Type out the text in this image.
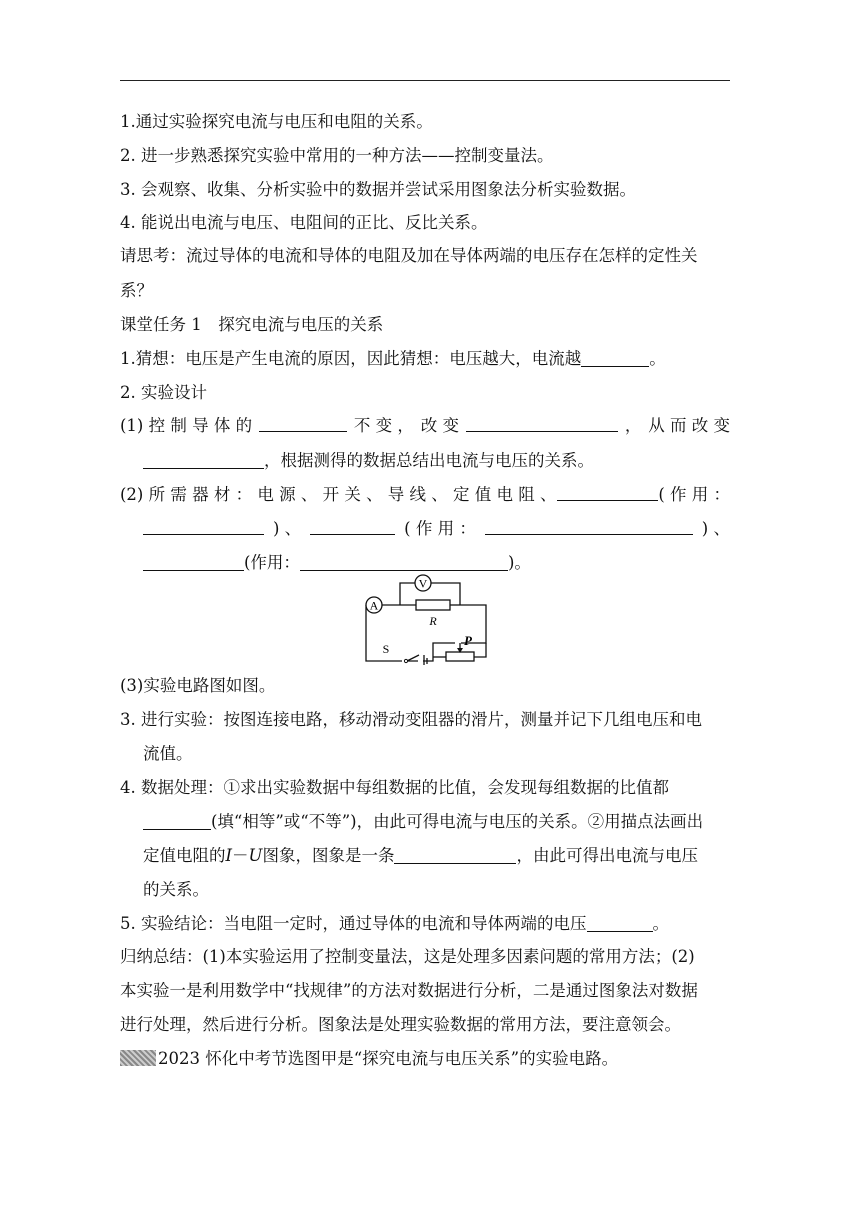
1.通过实验探究电流与电压和电阻的关系。
2. 进一步熟悉探究实验中常用的一种方法——控制变量法。
3. 会观察、收集、分析实验中的数据并尝试采用图象法分析实验数据。
4. 能说出电流与电压、电阻间的正比、反比关系。
请思考：流过导体的电流和导体的电阻及加在导体两端的电压存在怎样的定性关
系？
课堂任务 1　探究电流与电压的关系
1.猜想：电压是产生电流的原因，因此猜想：电压越大，电流越	。
2. 实验设计
(1) 控 制 导 体 的	不 变 ， 改 变	， 从 而 改 变
，根据测得的数据总结出电流与电压的关系。
(2) 所 需 器 材 ： 电 源 、 开 关 、 导 线 、 定 值 电 阻 、	( 作 用 ：
) 、	( 作 用 ：	) 、
(作用：	)。
A
V
R
S
P
(3)实验电路图如图。
3. 进行实验：按图连接电路，移动滑动变阻器的滑片，测量并记下几组电压和电
流值。
4. 数据处理：①求出实验数据中每组数据的比值，会发现每组数据的比值都
(填“相等”或“不等”)，由此可得电流与电压的关系。②用描点法画出
定值电阻的I－U图象，图象是一条	，由此可得出电流与电压
的关系。
5. 实验结论：当电阻一定时，通过导体的电流和导体两端的电压	。
归纳总结：(1)本实验运用了控制变量法，这是处理多因素问题的常用方法；(2)
本实验一是利用数学中“找规律”的方法对数据进行分析，二是通过图象法对数据
进行处理，然后进行分析。图象法是处理实验数据的常用方法，要注意领会。
2023 怀化中考节选图甲是“探究电流与电压关系”的实验电路。
